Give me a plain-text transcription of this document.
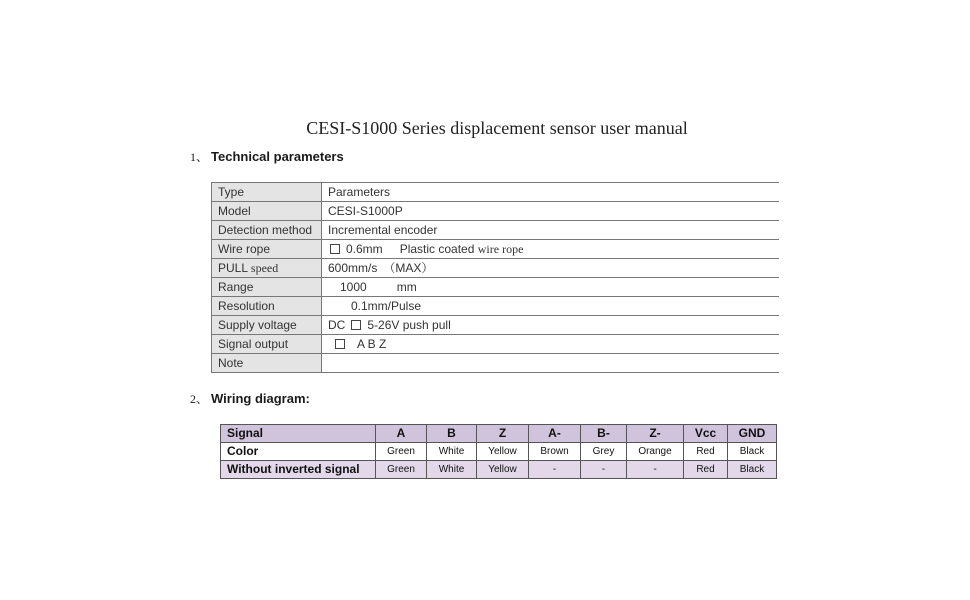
CESI-S1000 Series displacement sensor user manual
1、 Technical parameters
Type	Parameters
Model	CESI-S1000P
Detection method	Incremental encoder
Wire rope	0.6mm Plastic coated wire rope
PULL speed	600mm/s （MAX）
Range	1000 mm
Resolution	0.1mm/Pulse
Supply voltage	DC 5-26V push pull
Signal output	A B Z
Note	
2、 Wiring diagram:
Signal	A	B	Z	A-	B-	Z-	Vcc	GND
Color	Green	White	Yellow	Brown	Grey	Orange	Red	Black
Without inverted signal	Green	White	Yellow	-	-	-	Red	Black
